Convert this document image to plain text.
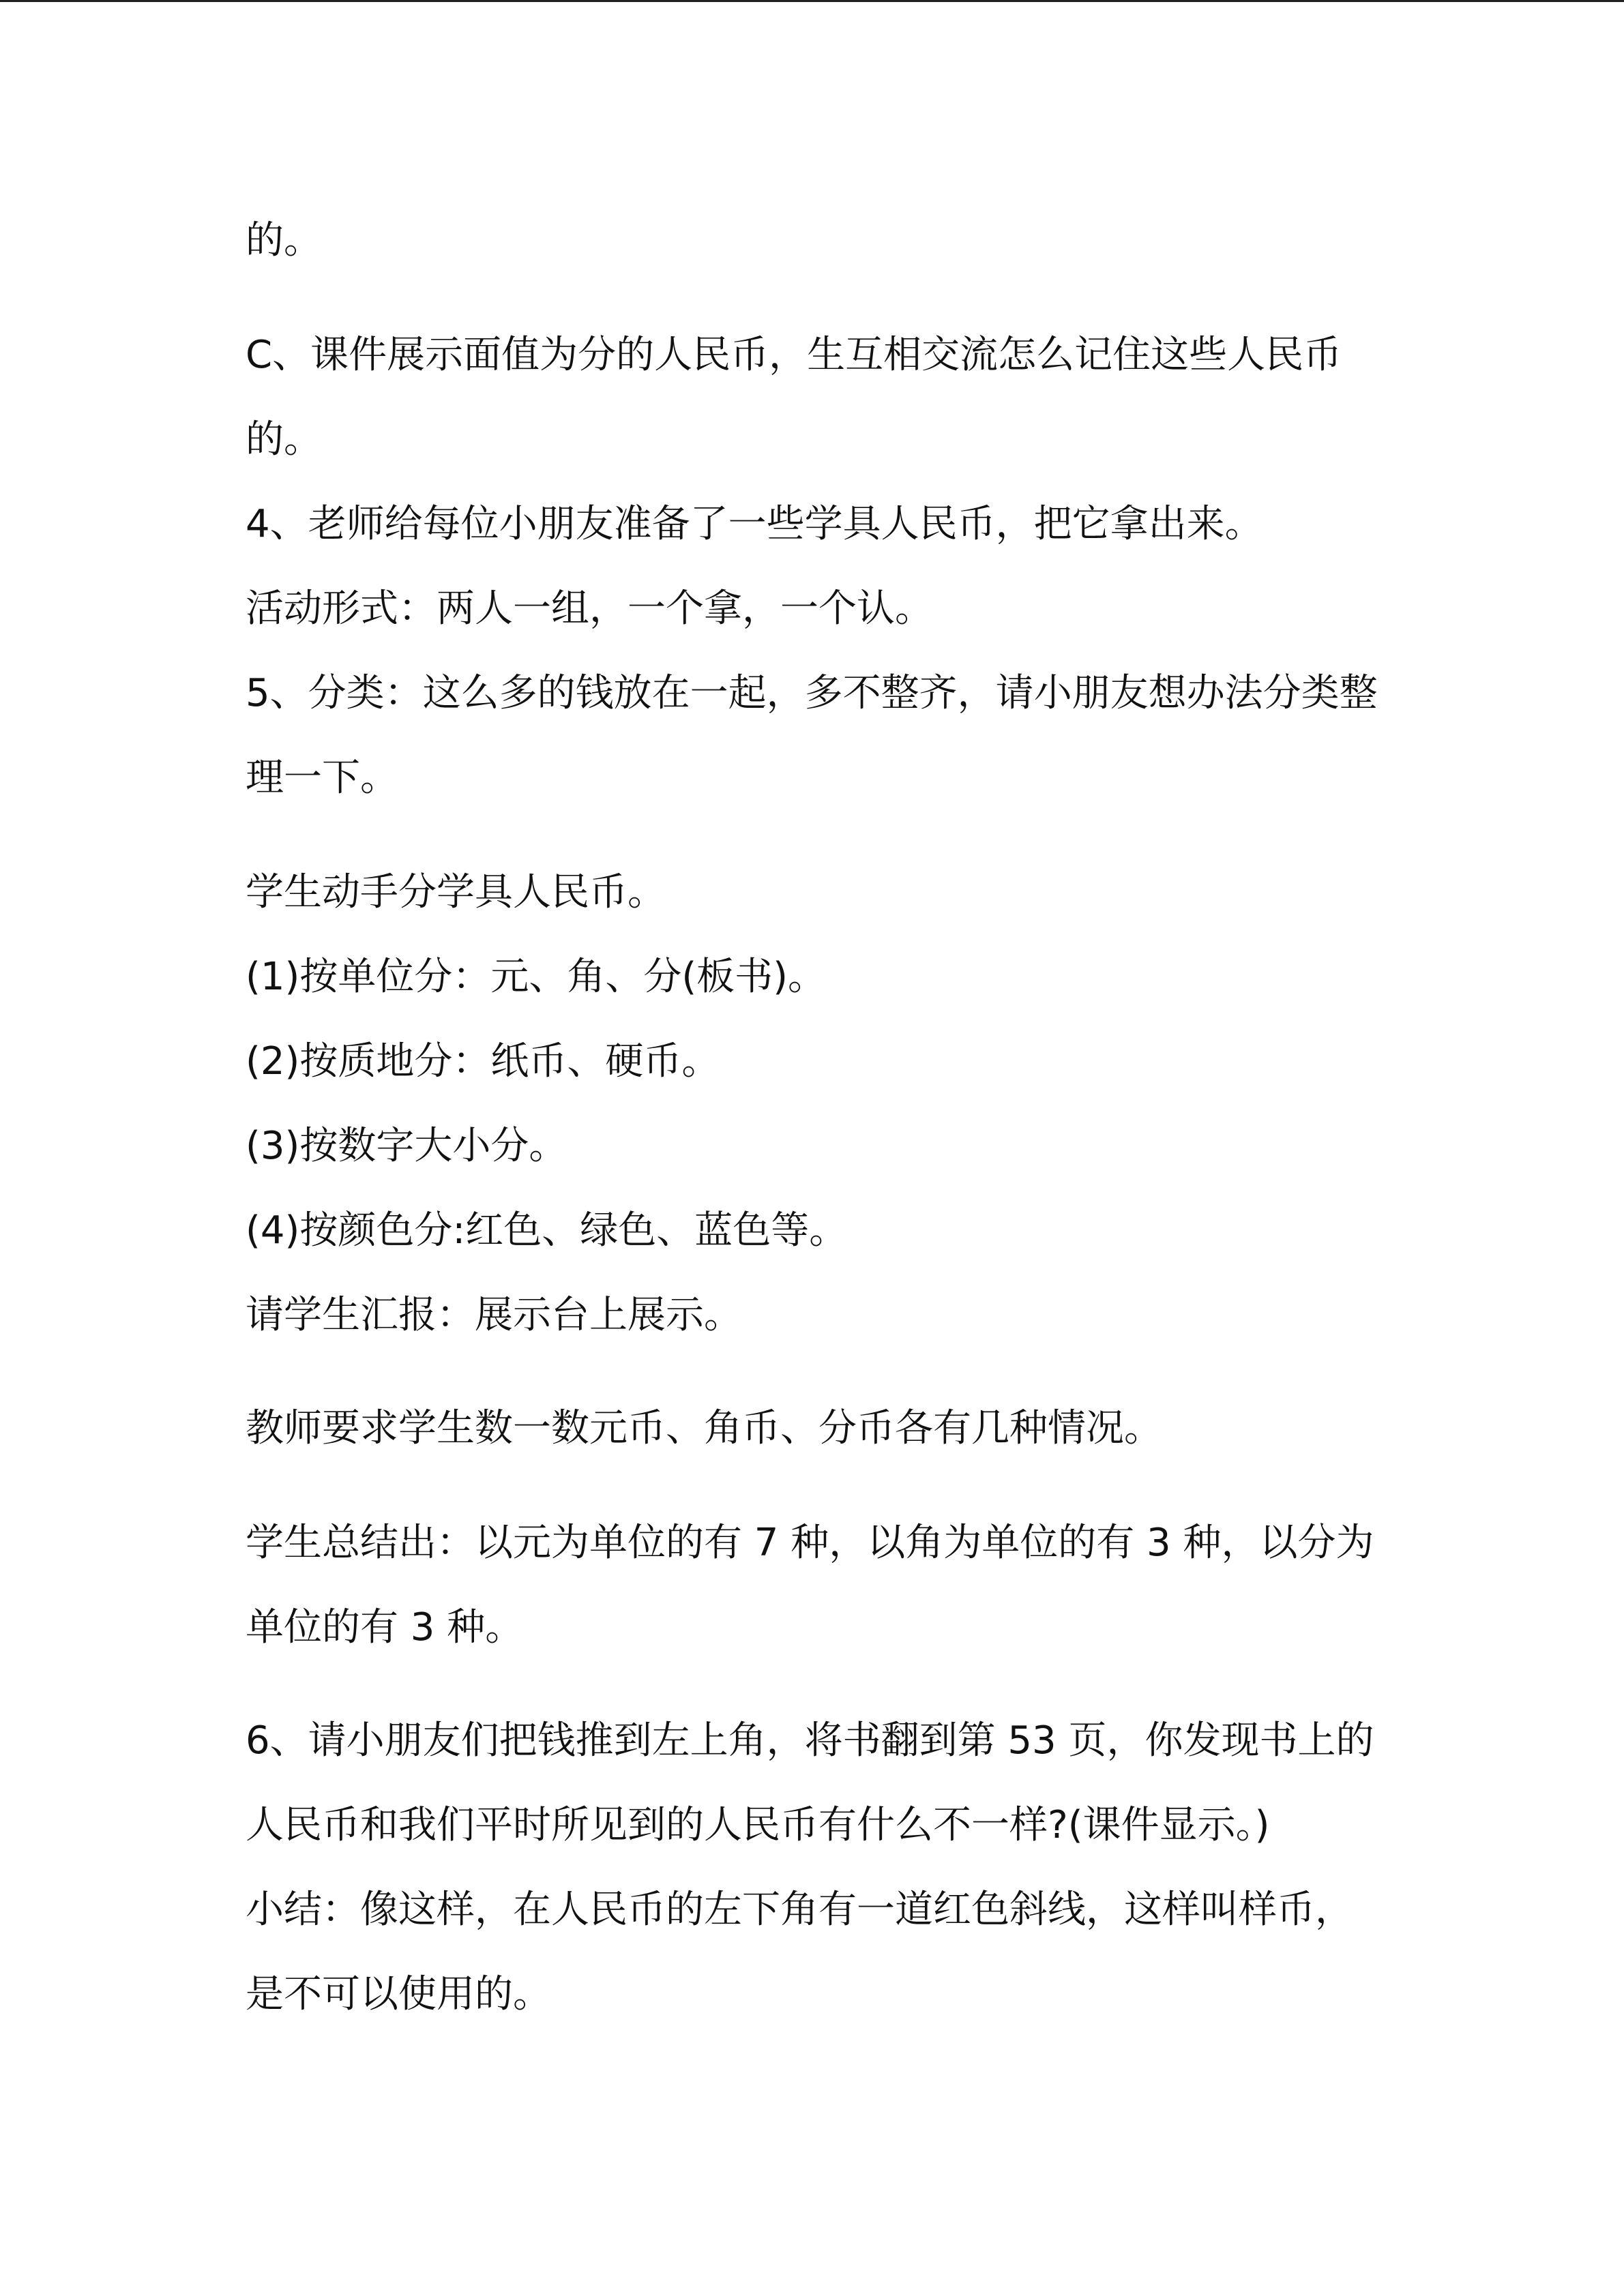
的。

C、课件展示面值为分的人民币，生互相交流怎么记住这些人民币

的。

4、老师给每位小朋友准备了一些学具人民币，把它拿出来。

活动形式：两人一组，一个拿，一个认。

5、分类：这么多的钱放在一起，多不整齐，请小朋友想办法分类整

理一下。

学生动手分学具人民币。

(1)按单位分：元、角、分(板书)。

(2)按质地分：纸币、硬币。

(3)按数字大小分。

(4)按颜色分:红色、绿色、蓝色等。

请学生汇报：展示台上展示。

教师要求学生数一数元币、角币、分币各有几种情况。

学生总结出：以元为单位的有 7 种，以角为单位的有 3 种，以分为

单位的有 3 种。

6、请小朋友们把钱推到左上角，将书翻到第 53 页，你发现书上的

人民币和我们平时所见到的人民币有什么不一样?(课件显示。)

小结：像这样，在人民币的左下角有一道红色斜线，这样叫样币，

是不可以使用的。
